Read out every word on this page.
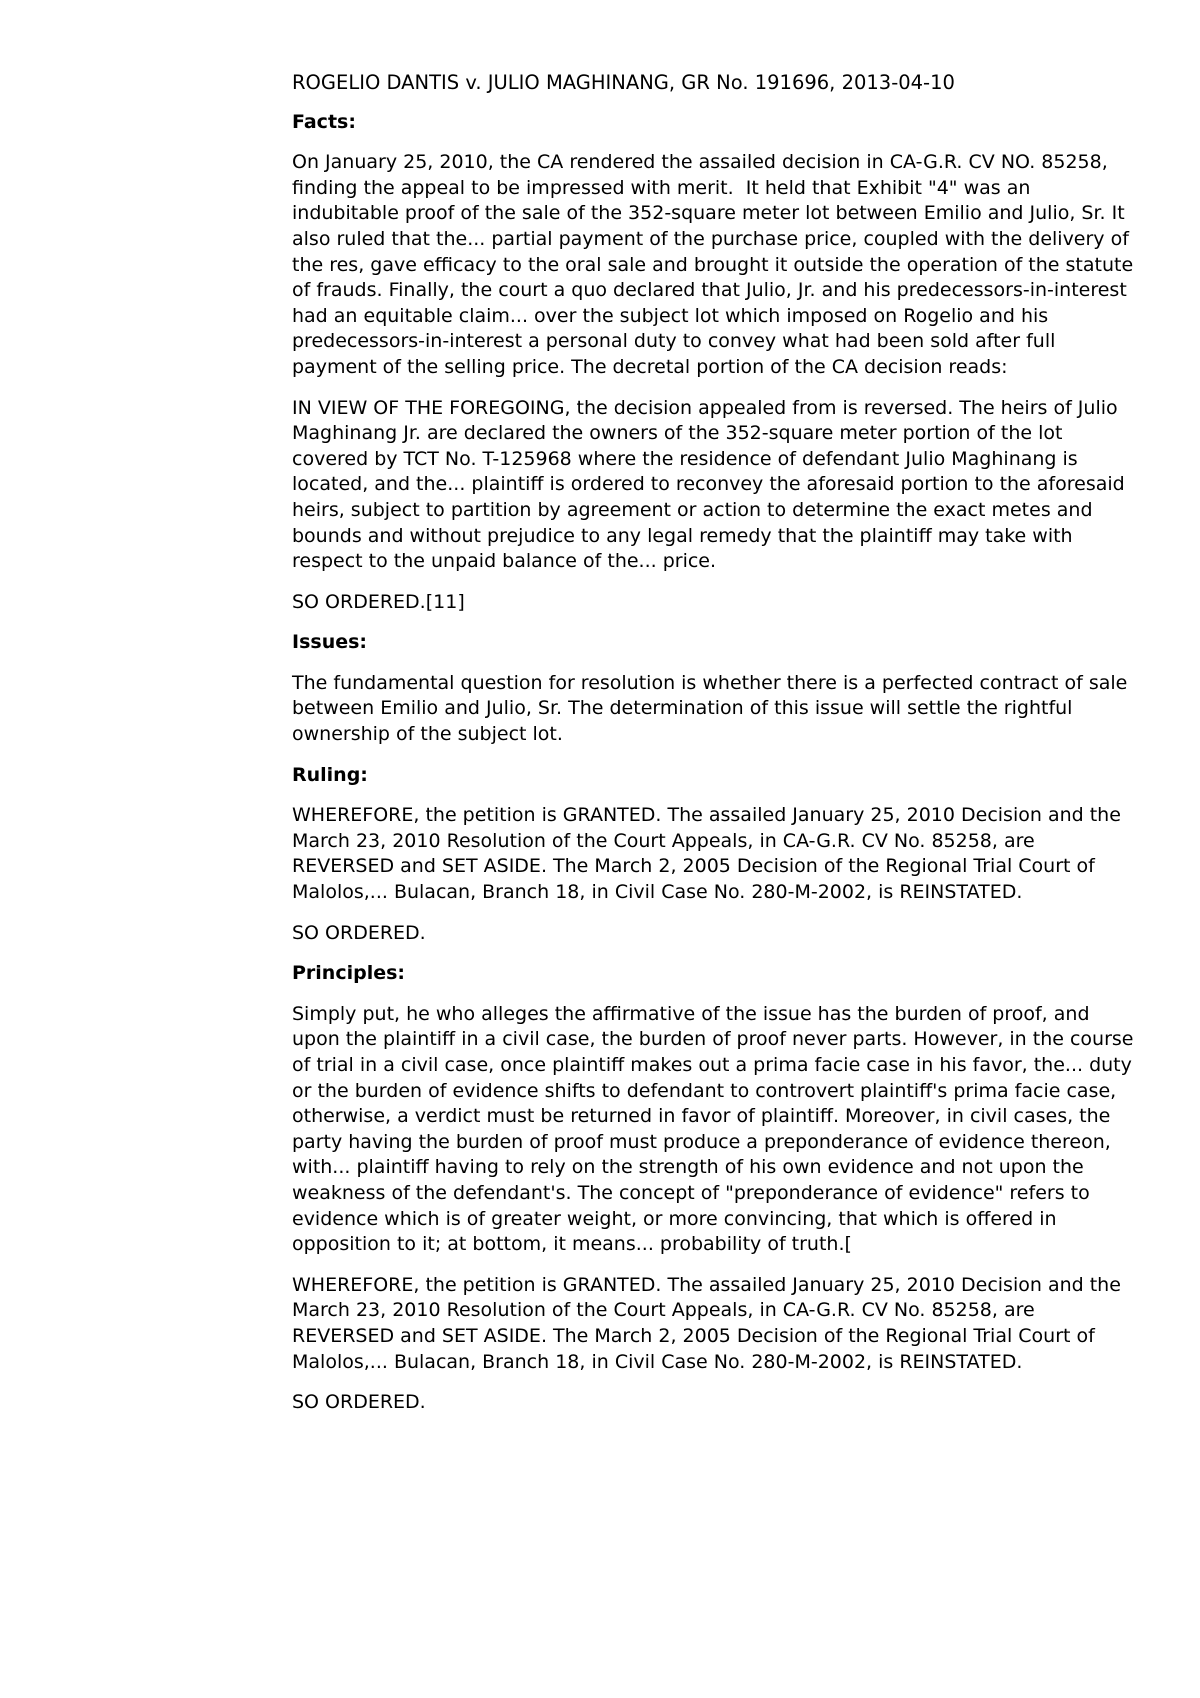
ROGELIO DANTIS v. JULIO MAGHINANG, GR No. 191696, 2013-04-10

Facts:

On January 25, 2010, the CA rendered the assailed decision in CA-G.R. CV NO. 85258, finding the appeal to be impressed with merit.  It held that Exhibit "4" was an indubitable proof of the sale of the 352-square meter lot between Emilio and Julio, Sr. It also ruled that the... partial payment of the purchase price, coupled with the delivery of the res, gave efficacy to the oral sale and brought it outside the operation of the statute of frauds. Finally, the court a quo declared that Julio, Jr. and his predecessors-in-interest had an equitable claim... over the subject lot which imposed on Rogelio and his predecessors-in-interest a personal duty to convey what had been sold after full payment of the selling price. The decretal portion of the CA decision reads:

IN VIEW OF THE FOREGOING, the decision appealed from is reversed. The heirs of Julio Maghinang Jr. are declared the owners of the 352-square meter portion of the lot covered by TCT No. T-125968 where the residence of defendant Julio Maghinang is located, and the... plaintiff is ordered to reconvey the aforesaid portion to the aforesaid heirs, subject to partition by agreement or action to determine the exact metes and bounds and without prejudice to any legal remedy that the plaintiff may take with respect to the unpaid balance of the... price.

SO ORDERED.[11]

Issues:

The fundamental question for resolution is whether there is a perfected contract of sale between Emilio and Julio, Sr. The determination of this issue will settle the rightful ownership of the subject lot.

Ruling:

WHEREFORE, the petition is GRANTED. The assailed January 25, 2010 Decision and the March 23, 2010 Resolution of the Court Appeals, in CA-G.R. CV No. 85258, are REVERSED and SET ASIDE. The March 2, 2005 Decision of the Regional Trial Court of Malolos,... Bulacan, Branch 18, in Civil Case No. 280-M-2002, is REINSTATED.

SO ORDERED.

Principles:

Simply put, he who alleges the affirmative of the issue has the burden of proof, and upon the plaintiff in a civil case, the burden of proof never parts. However, in the course of trial in a civil case, once plaintiff makes out a prima facie case in his favor, the... duty or the burden of evidence shifts to defendant to controvert plaintiff's prima facie case, otherwise, a verdict must be returned in favor of plaintiff. Moreover, in civil cases, the party having the burden of proof must produce a preponderance of evidence thereon, with... plaintiff having to rely on the strength of his own evidence and not upon the weakness of the defendant's. The concept of "preponderance of evidence" refers to evidence which is of greater weight, or more convincing, that which is offered in opposition to it; at bottom, it means... probability of truth.[

WHEREFORE, the petition is GRANTED. The assailed January 25, 2010 Decision and the March 23, 2010 Resolution of the Court Appeals, in CA-G.R. CV No. 85258, are REVERSED and SET ASIDE. The March 2, 2005 Decision of the Regional Trial Court of Malolos,... Bulacan, Branch 18, in Civil Case No. 280-M-2002, is REINSTATED.

SO ORDERED.
